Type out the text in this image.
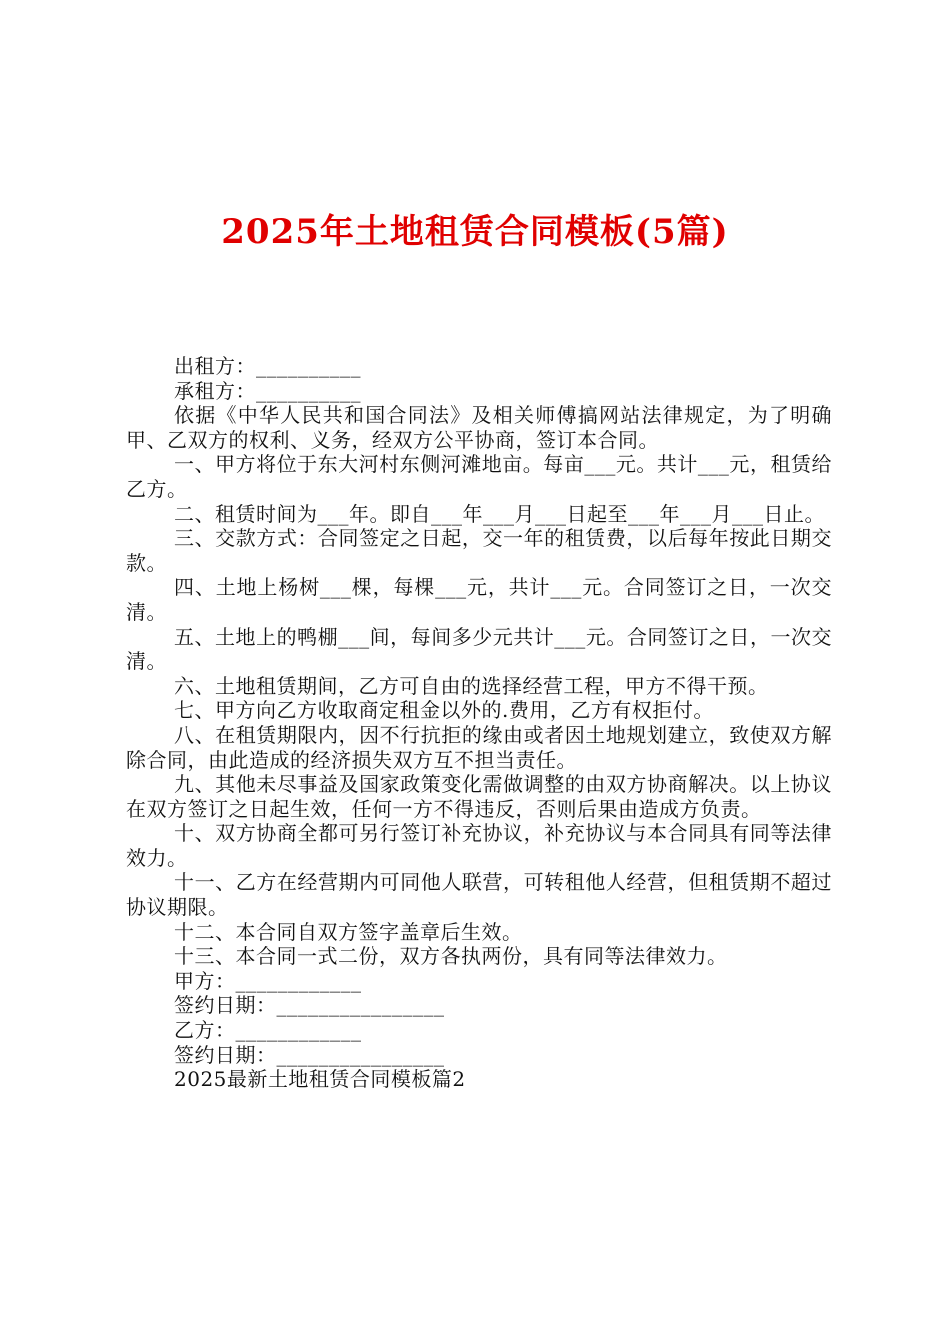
2025年土地租赁合同模板(5篇)

出租方：__________

承租方：__________

依据《中华人民共和国合同法》及相关师傅搞网站法律规定，为了明确甲、乙双方的权利、义务，经双方公平协商，签订本合同。

一、甲方将位于东大河村东侧河滩地亩。每亩___元。共计___元，租赁给乙方。

二、租赁时间为___年。即自___年___月___日起至___年___月___日止。

三、交款方式：合同签定之日起，交一年的租赁费，以后每年按此日期交款。

四、土地上杨树___棵，每棵___元，共计___元。合同签订之日，一次交清。

五、土地上的鸭棚___间，每间多少元共计___元。合同签订之日，一次交清。

六、土地租赁期间，乙方可自由的选择经营工程，甲方不得干预。

七、甲方向乙方收取商定租金以外的.费用，乙方有权拒付。

八、在租赁期限内，因不行抗拒的缘由或者因土地规划建立，致使双方解除合同，由此造成的经济损失双方互不担当责任。

九、其他未尽事益及国家政策变化需做调整的由双方协商解决。以上协议在双方签订之日起生效，任何一方不得违反，否则后果由造成方负责。

十、双方协商全都可另行签订补充协议，补充协议与本合同具有同等法律效力。

十一、乙方在经营期内可同他人联营，可转租他人经营，但租赁期不超过协议期限。

十二、本合同自双方签字盖章后生效。

十三、本合同一式二份，双方各执两份，具有同等法律效力。

甲方：____________

签约日期：________________

乙方：____________

签约日期：________________

2025最新土地租赁合同模板篇2
